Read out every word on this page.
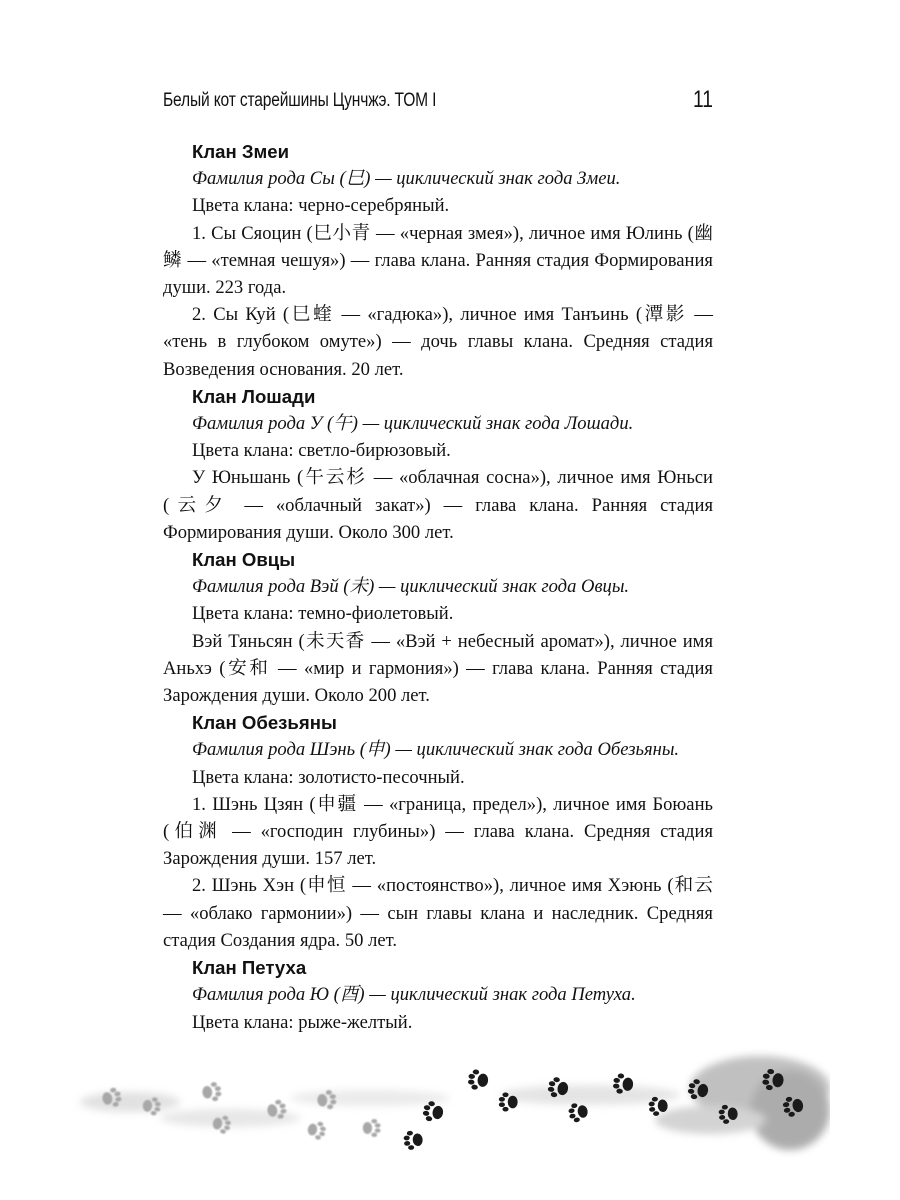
Белый кот старейшины Цунчжэ. ТОМ I	11
Клан Змеи

Фамилия рода Сы (巳) — циклический знак года Змеи.

Цвета клана: черно-серебряный.

1. Сы Сяоцин (巳小青 — «черная змея»), личное имя Юлинь (幽鳞 — «темная чешуя») — глава клана. Ранняя стадия Формирования души. 223 года.

2. Сы Куй (巳蝰 — «гадюка»), личное имя Танъинь (潭影 — «тень в глубоком омуте») — дочь главы клана. Средняя стадия Возведения основания. 20 лет.

Клан Лошади

Фамилия рода У (午) — циклический знак года Лошади.

Цвета клана: светло-бирюзовый.

У Юньшань (午云杉 — «облачная сосна»), личное имя Юньси (云夕 — «облачный закат») — глава клана. Ранняя стадия Формирования души. Около 300 лет.

Клан Овцы

Фамилия рода Вэй (未) — циклический знак года Овцы.

Цвета клана: темно-фиолетовый.

Вэй Тяньсян (未天香 — «Вэй + небесный аромат»), личное имя Аньхэ (安和 — «мир и гармония») — глава клана. Ранняя стадия Зарождения души. Около 200 лет.

Клан Обезьяны

Фамилия рода Шэнь (申) — циклический знак года Обезьяны.

Цвета клана: золотисто-песочный.

1. Шэнь Цзян (申疆 — «граница, предел»), личное имя Боюань (伯渊 — «господин глубины») — глава клана. Средняя стадия Зарождения души. 157 лет.

2. Шэнь Хэн (申恒 — «постоянство»), личное имя Хэюнь (和云 — «облако гармонии») — сын главы клана и наследник. Средняя стадия Создания ядра. 50 лет.

Клан Петуха

Фамилия рода Ю (酉) — циклический знак года Петуха.

Цвета клана: рыже-желтый.
